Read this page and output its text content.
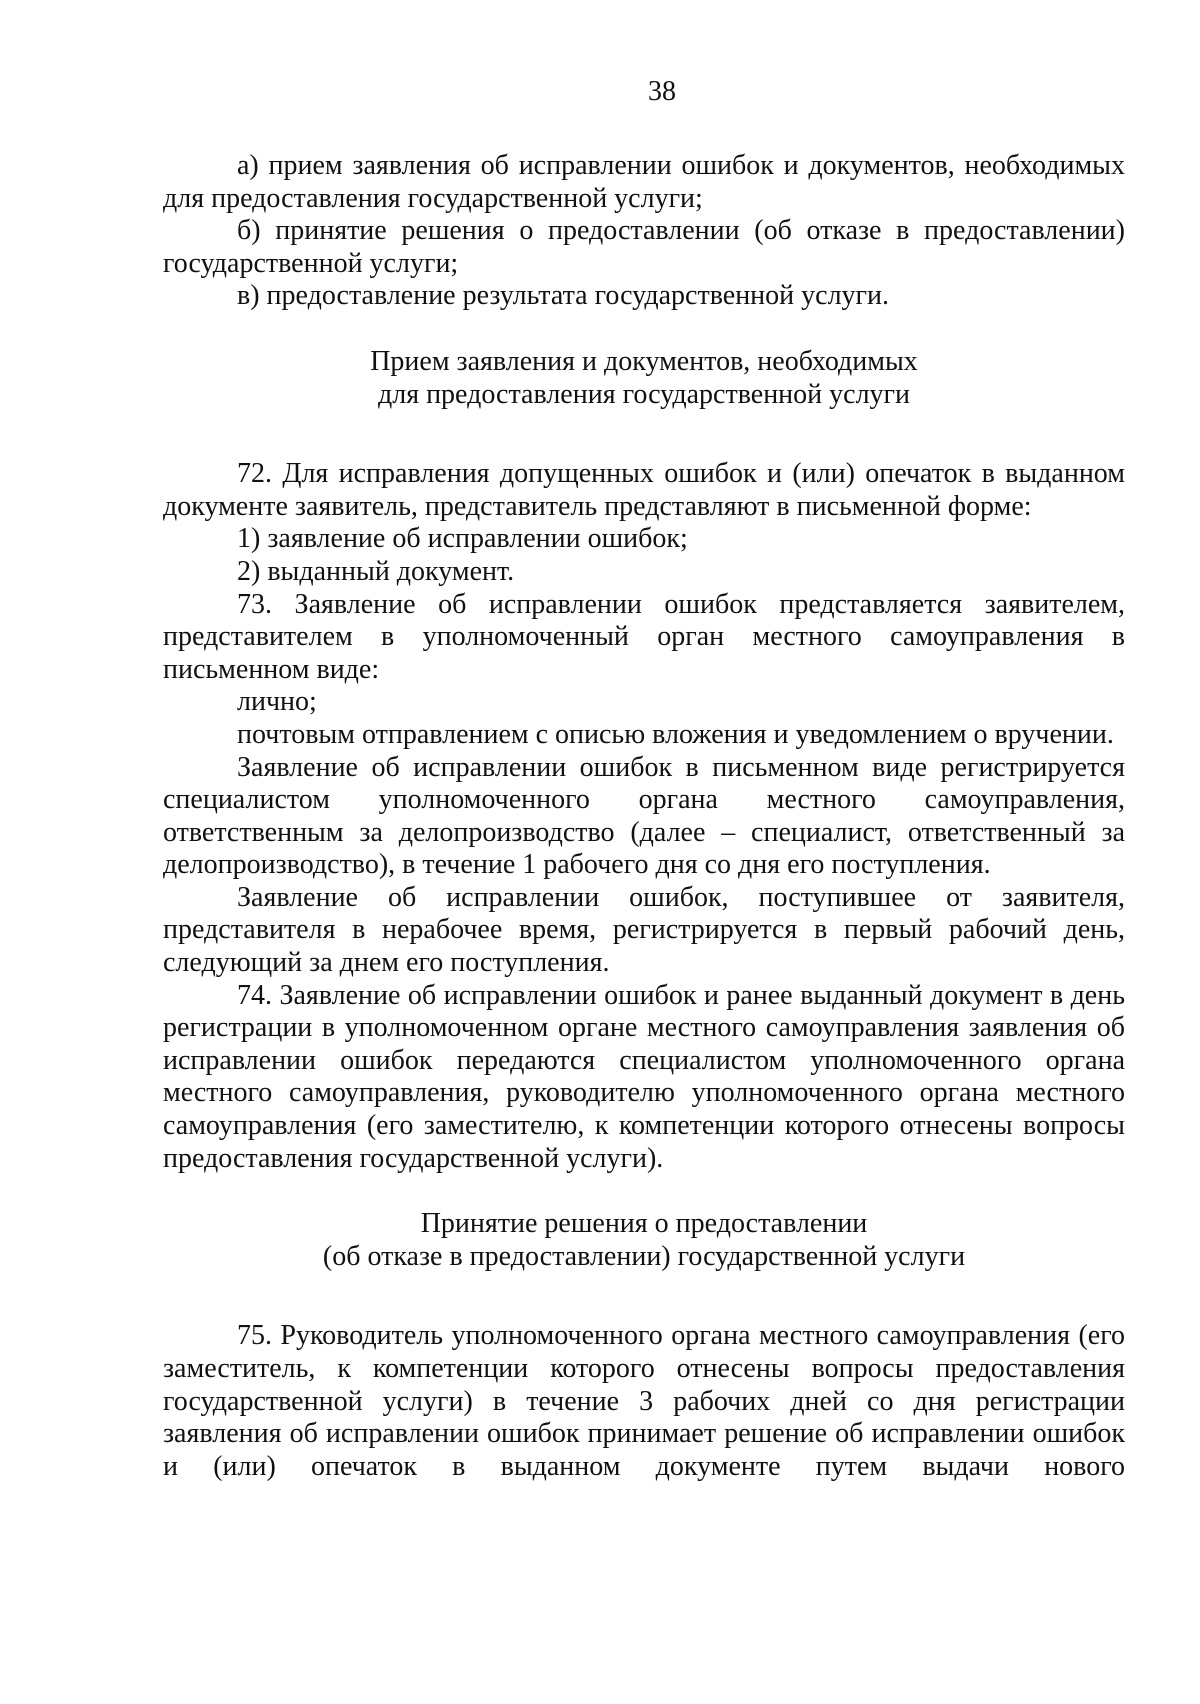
38

а) прием заявления об исправлении ошибок и документов, необходимых для предоставления государственной услуги;

б) принятие решения о предоставлении (об отказе в предоставлении) государственной услуги;

в) предоставление результата государственной услуги.

Прием заявления и документов, необходимых
для предоставления государственной услуги

72. Для исправления допущенных ошибок и (или) опечаток в выданном документе заявитель, представитель представляют в письменной форме:

1) заявление об исправлении ошибок;

2) выданный документ.

73. Заявление об исправлении ошибок представляется заявителем, представителем в уполномоченный орган местного самоуправления в письменном виде:

лично;

почтовым отправлением с описью вложения и уведомлением о вручении.

Заявление об исправлении ошибок в письменном виде регистрируется специалистом уполномоченного органа местного самоуправления, ответственным за делопроизводство (далее – специалист, ответственный за делопроизводство), в течение 1 рабочего дня со дня его поступления.

Заявление об исправлении ошибок, поступившее от заявителя, представителя в нерабочее время, регистрируется в первый рабочий день, следующий за днем его поступления.

74. Заявление об исправлении ошибок и ранее выданный документ в день регистрации в уполномоченном органе местного самоуправления заявления об исправлении ошибок передаются специалистом уполномоченного органа местного самоуправления, руководителю уполномоченного органа местного самоуправления (его заместителю, к компетенции которого отнесены вопросы предоставления государственной услуги).

Принятие решения о предоставлении
(об отказе в предоставлении) государственной услуги

75. Руководитель уполномоченного органа местного самоуправления (его заместитель, к компетенции которого отнесены вопросы предоставления государственной услуги) в течение 3 рабочих дней со дня регистрации заявления об исправлении ошибок принимает решение об исправлении ошибок и (или) опечаток в выданном документе путем выдачи нового
